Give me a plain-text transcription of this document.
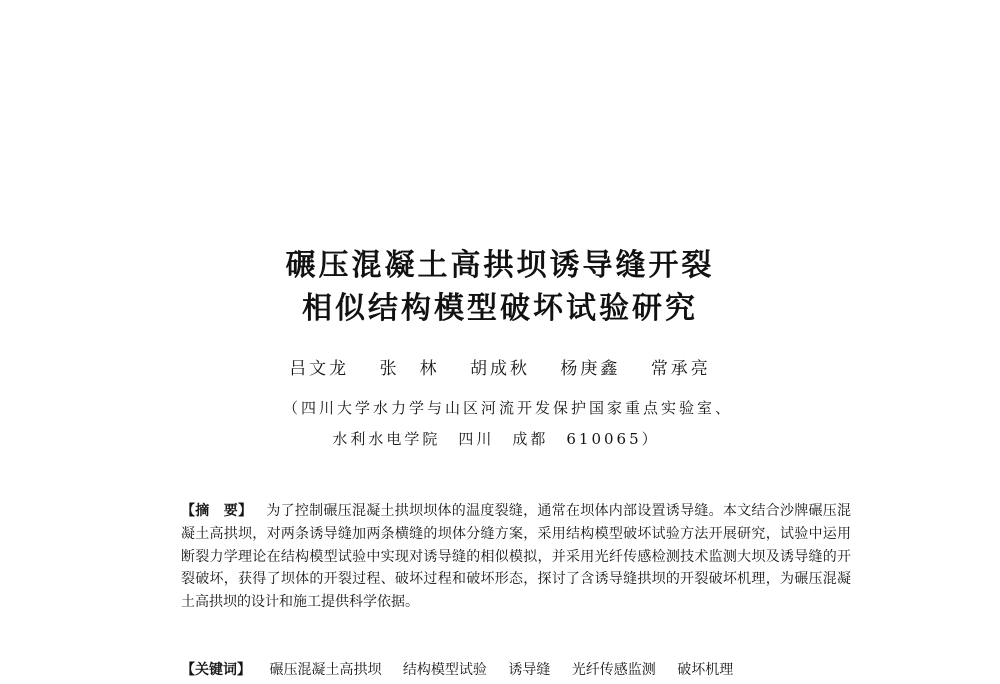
碾压混凝土高拱坝诱导缝开裂
相似结构模型破坏试验研究
吕文龙 张　林 胡成秋 杨庚鑫 常承亮
（四川大学水力学与山区河流开发保护国家重点实验室、
水利水电学院　四川　成都　610065）
【摘　要】 为了控制碾压混凝土拱坝坝体的温度裂缝，通常在坝体内部设置诱导缝。本文结合沙牌碾压混凝土高拱坝，对两条诱导缝加两条横缝的坝体分缝方案，采用结构模型破坏试验方法开展研究，试验中运用断裂力学理论在结构模型试验中实现对诱导缝的相似模拟，并采用光纤传感检测技术监测大坝及诱导缝的开裂破坏，获得了坝体的开裂过程、破坏过程和破坏形态，探讨了含诱导缝拱坝的开裂破坏机理，为碾压混凝土高拱坝的设计和施工提供科学依据。
【关键词】 碾压混凝土高拱坝 结构模型试验 诱导缝 光纤传感监测 破坏机理
